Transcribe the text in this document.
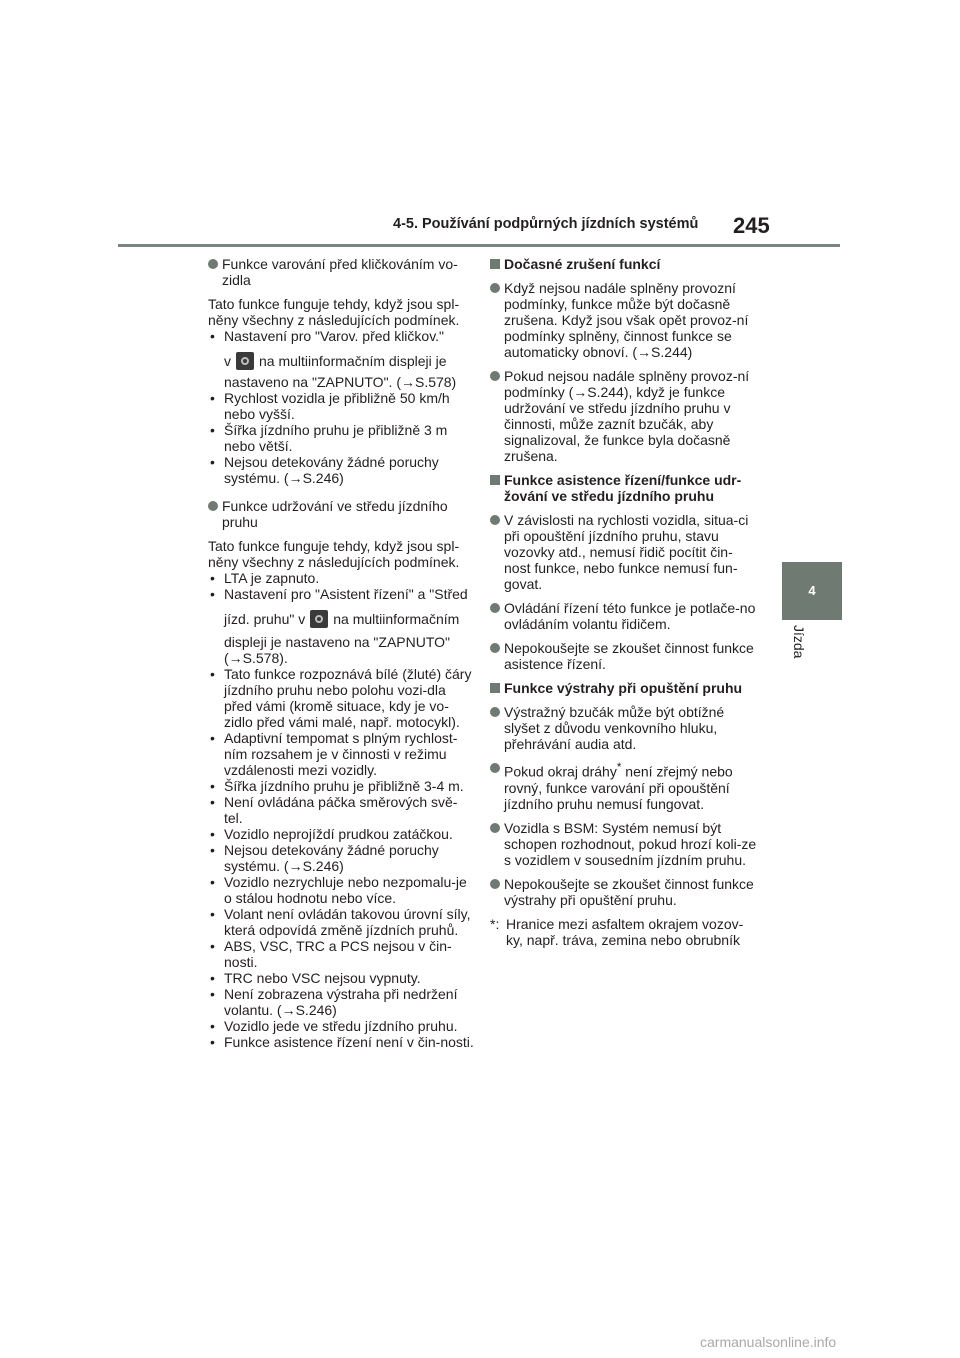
4-5. Používání podpůrných jízdních systémů 245
4
Jízda

Funkce varování před kličkováním vo-zidla

Tato funkce funguje tehdy, když jsou spl-něny všechny z následujících podmínek.

• Nastavení pro "Varov. před kličkov."

v na multiinformačním displeji je

nastaveno na "ZAPNUTO". (→S.578)

• Rychlost vozidla je přibližně 50 km/h nebo vyšší.

• Šířka jízdního pruhu je přibližně 3 m nebo větší.

• Nejsou detekovány žádné poruchy systému. (→S.246)

Funkce udržování ve středu jízdního pruhu

Tato funkce funguje tehdy, když jsou spl-něny všechny z následujících podmínek.

• LTA je zapnuto.

• Nastavení pro "Asistent řízení" a "Střed

jízd. pruhu" v na multiinformačním

displeji je nastaveno na "ZAPNUTO" (→S.578).

• Tato funkce rozpoznává bílé (žluté) čáry jízdního pruhu nebo polohu vozi-dla před vámi (kromě situace, kdy je vo-zidlo před vámi malé, např. motocykl).

• Adaptivní tempomat s plným rychlost-ním rozsahem je v činnosti v režimu vzdálenosti mezi vozidly.

• Šířka jízdního pruhu je přibližně 3-4 m.

• Není ovládána páčka směrových svě-tel.

• Vozidlo neprojíždí prudkou zatáčkou.

• Nejsou detekovány žádné poruchy systému. (→S.246)

• Vozidlo nezrychluje nebo nezpomalu-je o stálou hodnotu nebo více.

• Volant není ovládán takovou úrovní síly, která odpovídá změně jízdních pruhů.

• ABS, VSC, TRC a PCS nejsou v čin-nosti.

• TRC nebo VSC nejsou vypnuty.

• Není zobrazena výstraha při nedržení volantu. (→S.246)

• Vozidlo jede ve středu jízdního pruhu.

• Funkce asistence řízení není v čin-nosti.

Dočasné zrušení funkcí

Když nejsou nadále splněny provozní podmínky, funkce může být dočasně zrušena. Když jsou však opět provoz-ní podmínky splněny, činnost funkce se automaticky obnoví. (→S.244)

Pokud nejsou nadále splněny provoz-ní podmínky (→S.244), když je funkce udržování ve středu jízdního pruhu v činnosti, může zaznít bzučák, aby signalizoval, že funkce byla dočasně zrušena.

Funkce asistence řízení/funkce udr-žování ve středu jízdního pruhu

V závislosti na rychlosti vozidla, situa-ci při opouštění jízdního pruhu, stavu vozovky atd., nemusí řidič pocítit čin-nost funkce, nebo funkce nemusí fun-govat.

Ovládání řízení této funkce je potlače-no ovládáním volantu řidičem.

Nepokoušejte se zkoušet činnost funkce asistence řízení.

Funkce výstrahy při opuštění pruhu

Výstražný bzučák může být obtížné slyšet z důvodu venkovního hluku, přehrávání audia atd.

Pokud okraj dráhy* není zřejmý nebo rovný, funkce varování při opouštění jízdního pruhu nemusí fungovat.

Vozidla s BSM: Systém nemusí být schopen rozhodnout, pokud hrozí koli-ze s vozidlem v sousedním jízdním pruhu.

Nepokoušejte se zkoušet činnost funkce výstrahy při opuštění pruhu.

*: Hranice mezi asfaltem okrajem vozov-ky, např. tráva, zemina nebo obrubník
carmanualsonline.info
